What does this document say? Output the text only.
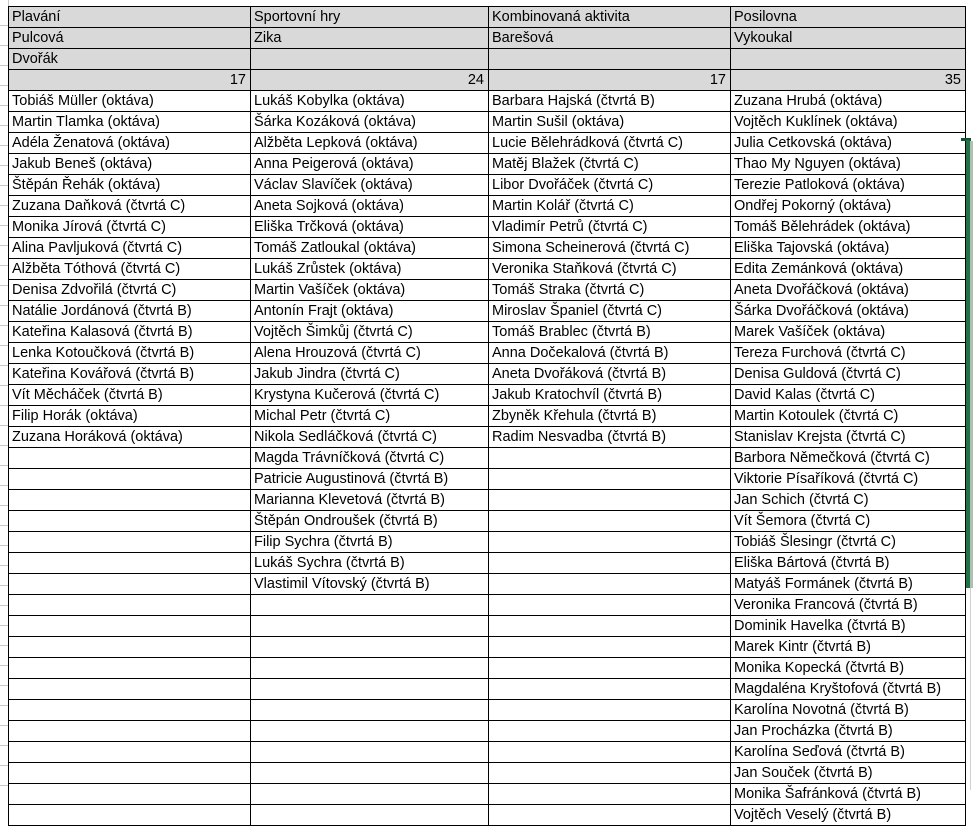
Plavání	Sportovní hry	Kombinovaná aktivita	Posilovna
Pulcová	Zika	Barešová	Vykoukal
Dvořák			
17	24	17	35
Tobiáš Müller (oktáva)	Lukáš Kobylka (oktáva)	Barbara Hajská (čtvrtá B)	Zuzana Hrubá (oktáva)
Martin Tlamka (oktáva)	Šárka Kozáková (oktáva)	Martin Sušil (oktáva)	Vojtěch Kuklínek (oktáva)
Adéla Ženatová (oktáva)	Alžběta Lepková (oktáva)	Lucie Bělehrádková (čtvrtá C)	Julia Cetkovská (oktáva)
Jakub Beneš (oktáva)	Anna Peigerová (oktáva)	Matěj Blažek (čtvrtá C)	Thao My Nguyen (oktáva)
Štěpán Řehák (oktáva)	Václav Slavíček (oktáva)	Libor Dvořáček (čtvrtá C)	Terezie Patloková (oktáva)
Zuzana Daňková (čtvrtá C)	Aneta Sojková (oktáva)	Martin Kolář (čtvrtá C)	Ondřej Pokorný (oktáva)
Monika Jírová (čtvrtá C)	Eliška Trčková (oktáva)	Vladimír Petrů (čtvrtá C)	Tomáš Bělehrádek (oktáva)
Alina Pavljuková (čtvrtá C)	Tomáš Zatloukal (oktáva)	Simona Scheinerová (čtvrtá C)	Eliška Tajovská (oktáva)
Alžběta Tóthová (čtvrtá C)	Lukáš Zrůstek (oktáva)	Veronika Staňková (čtvrtá C)	Edita Zemánková (oktáva)
Denisa Zdvořilá (čtvrtá C)	Martin Vašíček (oktáva)	Tomáš Straka (čtvrtá C)	Aneta Dvořáčková (oktáva)
Natálie Jordánová (čtvrtá B)	Antonín Frajt (oktáva)	Miroslav Španiel (čtvrtá C)	Šárka Dvořáčková (oktáva)
Kateřina Kalasová (čtvrtá B)	Vojtěch Šimkůj (čtvrtá C)	Tomáš Brablec (čtvrtá B)	Marek Vašíček (oktáva)
Lenka Kotoučková (čtvrtá B)	Alena Hrouzová (čtvrtá C)	Anna Dočekalová (čtvrtá B)	Tereza Furchová (čtvrtá C)
Kateřina Kovářová (čtvrtá B)	Jakub Jindra (čtvrtá C)	Aneta Dvořáková (čtvrtá B)	Denisa Guldová (čtvrtá C)
Vít Měcháček (čtvrtá B)	Krystyna Kučerová (čtvrtá C)	Jakub Kratochvíl (čtvrtá B)	David Kalas (čtvrtá C)
Filip Horák (oktáva)	Michal Petr (čtvrtá C)	Zbyněk Křehula (čtvrtá B)	Martin Kotoulek (čtvrtá C)
Zuzana Horáková (oktáva)	Nikola Sedláčková (čtvrtá C)	Radim Nesvadba (čtvrtá B)	Stanislav Krejsta (čtvrtá C)
	Magda Trávníčková (čtvrtá C)		Barbora Němečková (čtvrtá C)
	Patricie Augustinová (čtvrtá B)		Viktorie Písaříková (čtvrtá C)
	Marianna Klevetová (čtvrtá B)		Jan Schich (čtvrtá C)
	Štěpán Ondroušek (čtvrtá B)		Vít Šemora (čtvrtá C)
	Filip Sychra (čtvrtá B)		Tobiáš Šlesingr (čtvrtá C)
	Lukáš Sychra (čtvrtá B)		Eliška Bártová (čtvrtá B)
	Vlastimil Vítovský (čtvrtá B)		Matyáš Formánek (čtvrtá B)
			Veronika Francová (čtvrtá B)
			Dominik Havelka (čtvrtá B)
			Marek Kintr (čtvrtá B)
			Monika Kopecká (čtvrtá B)
			Magdaléna Kryštofová (čtvrtá B)
			Karolína Novotná (čtvrtá B)
			Jan Procházka (čtvrtá B)
			Karolína Seďová (čtvrtá B)
			Jan Souček (čtvrtá B)
			Monika Šafránková (čtvrtá B)
			Vojtěch Veselý (čtvrtá B)
